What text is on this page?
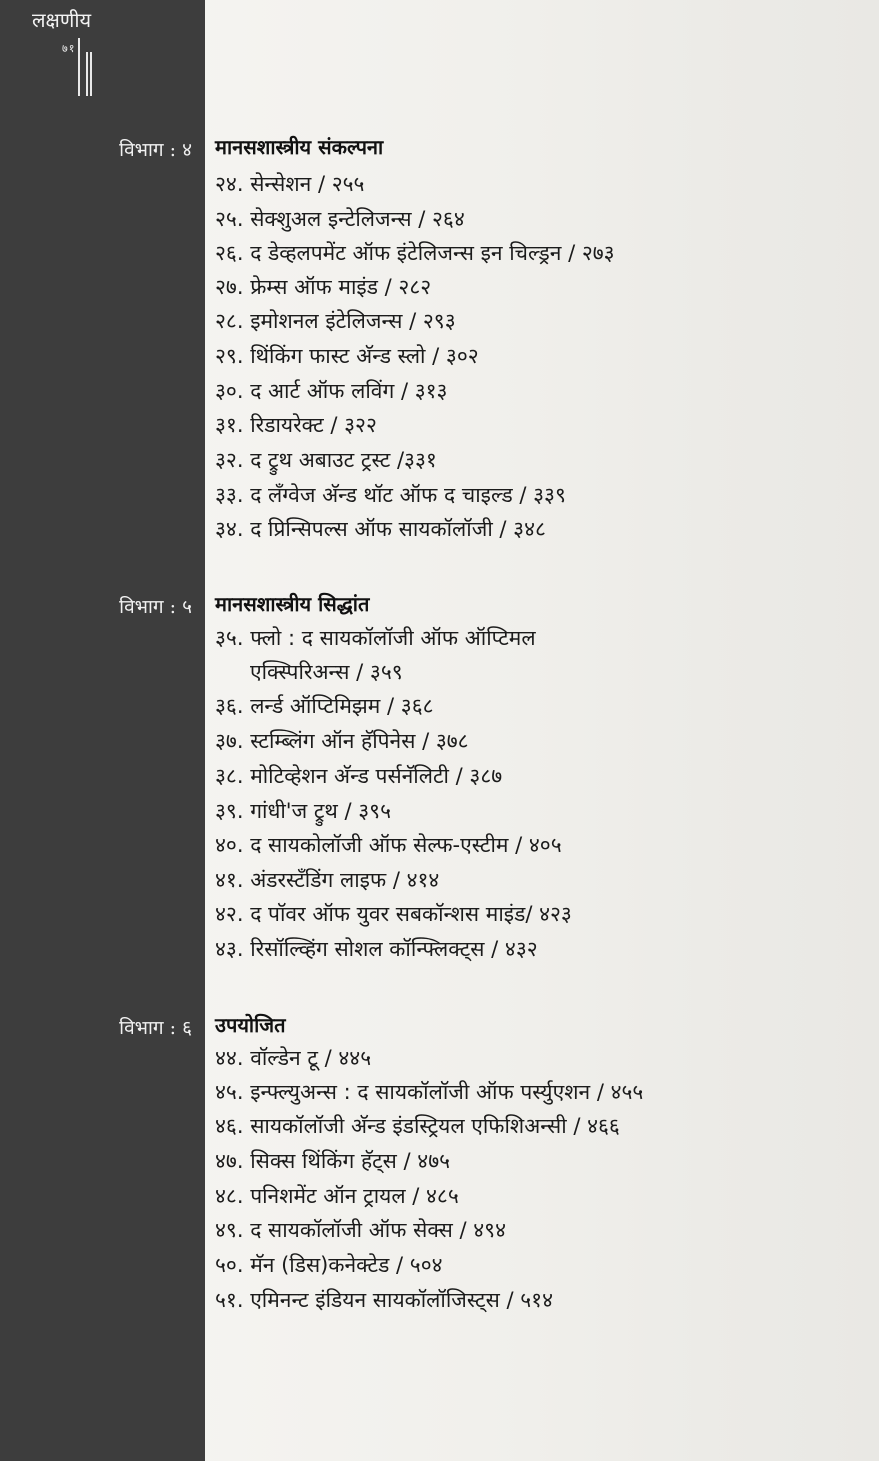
लक्षणीय
७१
विभाग : ४ मानसशास्त्रीय संकल्पना
२४. सेन्सेशन / २५५
२५. सेक्शुअल इन्टेलिजन्स / २६४
२६. द डेव्हलपमेंट ऑफ इंटेलिजन्स इन चिल्ड्रन / २७३
२७. फ्रेम्स ऑफ माइंड / २८२
२८. इमोशनल इंटेलिजन्स / २९३
२९. थिंकिंग फास्ट अ‍ॅन्ड स्लो / ३०२
३०. द आर्ट ऑफ लविंग / ३१३
३१. रिडायरेक्ट / ३२२
३२. द ट्रुथ अबाउट ट्रस्ट /३३१
३३. द लँग्वेज अ‍ॅन्ड थॉट ऑफ द चाइल्ड / ३३९
३४. द प्रिन्सिपल्स ऑफ सायकॉलॉजी / ३४८
विभाग : ५ मानसशास्त्रीय सिद्धांत
३५. फ्लो : द सायकॉलॉजी ऑफ ऑप्टिमल
एक्स्पिरिअन्स / ३५९
३६. लर्न्ड ऑप्टिमिझम / ३६८
३७. स्टम्ब्लिंग ऑन हॅपिनेस / ३७८
३८. मोटिव्हेशन अ‍ॅन्ड पर्सनॅलिटी / ३८७
३९. गांधी'ज ट्रुथ / ३९५
४०. द सायकोलॉजी ऑफ सेल्फ-एस्टीम / ४०५
४१. अंडरस्टँडिंग लाइफ / ४१४
४२. द पॉवर ऑफ युवर सबकॉन्शस माइंड/ ४२३
४३. रिसॉल्व्हिंग सोशल कॉन्फ्लिक्ट्स / ४३२
विभाग : ६ उपयोजित
४४. वॉल्डेन टू / ४४५
४५. इन्फ्ल्युअन्स : द सायकॉलॉजी ऑफ पर्स्युएशन / ४५५
४६. सायकॉलॉजी अ‍ॅन्ड इंडस्ट्रियल एफिशिअन्सी / ४६६
४७. सिक्स थिंकिंग हॅट्स / ४७५
४८. पनिशमेंट ऑन ट्रायल / ४८५
४९. द सायकॉलॉजी ऑफ सेक्स / ४९४
५०. मॅन (डिस)कनेक्टेड / ५०४
५१. एमिनन्ट इंडियन सायकॉलॉजिस्ट्स / ५१४
